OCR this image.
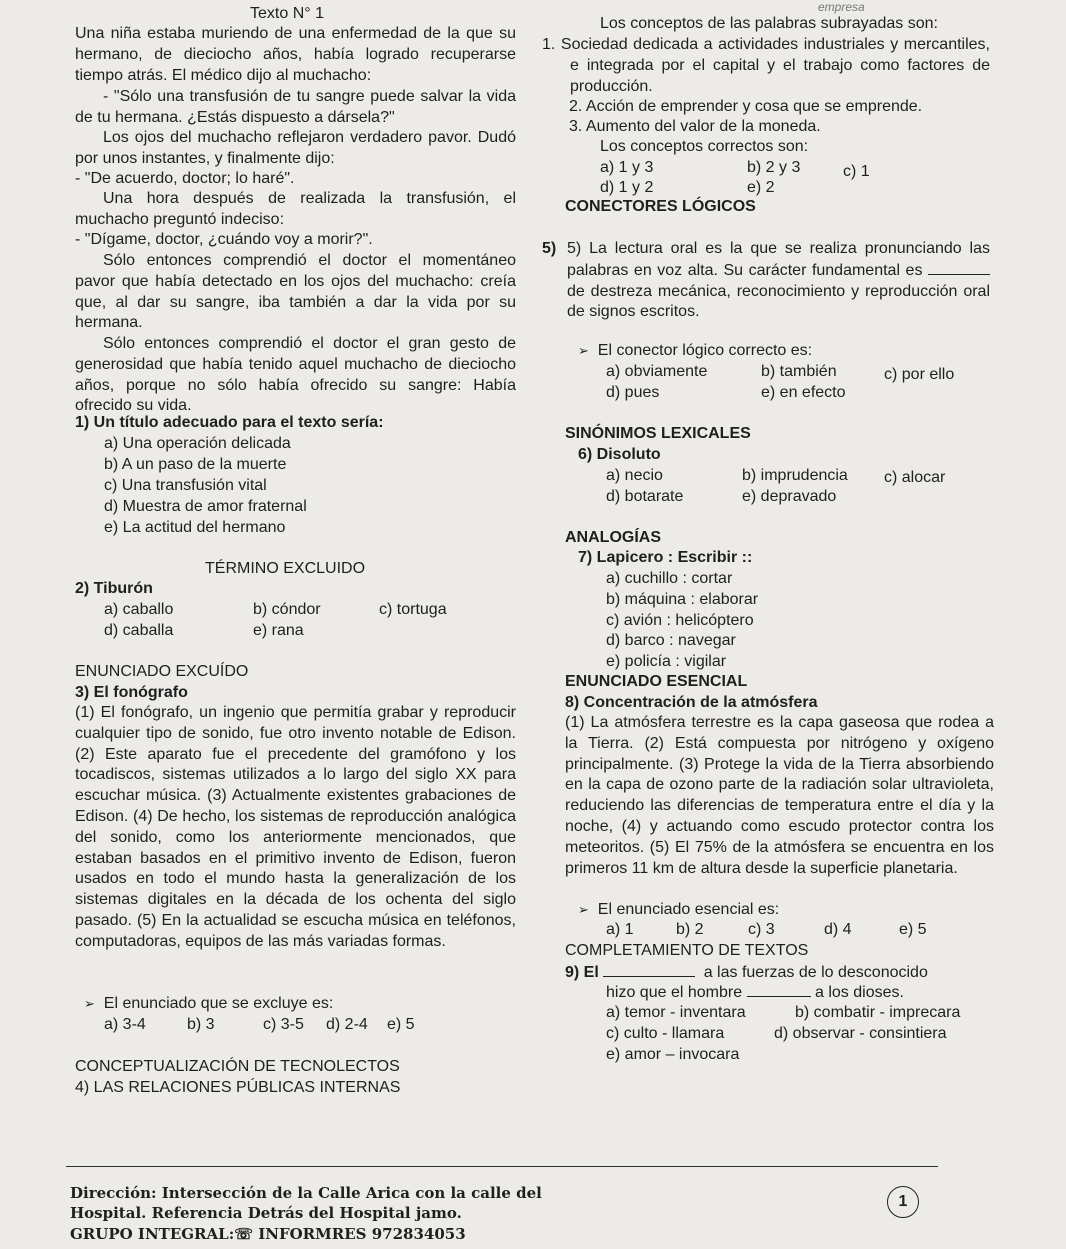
empresa
Texto N° 1
Una niña estaba muriendo de una enfermedad de la que su hermano, de dieciocho años, había logrado recuperarse tiempo atrás. El médico dijo al muchacho:
- "Sólo una transfusión de tu sangre puede salvar la vida de tu hermana. ¿Estás dispuesto a dársela?"
Los ojos del muchacho reflejaron verdadero pavor. Dudó por unos instantes, y finalmente dijo:
- "De acuerdo, doctor; lo haré".
Una hora después de realizada la transfusión, el muchacho preguntó indeciso:
- "Dígame, doctor, ¿cuándo voy a morir?".
Sólo entonces comprendió el doctor el momentáneo pavor que había detectado en los ojos del muchacho: creía que, al dar su sangre, iba también a dar la vida por su hermana.
Sólo entonces comprendió el doctor el gran gesto de generosidad que había tenido aquel muchacho de dieciocho años, porque no sólo había ofrecido su sangre: Había ofrecido su vida.
1) Un título adecuado para el texto sería:
a) Una operación delicada
b) A un paso de la muerte
c) Una transfusión vital
d) Muestra de amor fraternal
e) La actitud del hermano
TÉRMINO EXCLUIDO
2) Tiburón
a) caballo	b) cóndor	c) tortuga
d) caballa	e) rana
ENUNCIADO EXCUÍDO
3) El fonógrafo
(1) El fonógrafo, un ingenio que permitía grabar y reproducir cualquier tipo de sonido, fue otro invento notable de Edison. (2) Este aparato fue el precedente del gramófono y los tocadiscos, sistemas utilizados a lo largo del siglo XX para escuchar música. (3) Actualmente existentes grabaciones de Edison. (4) De hecho, los sistemas de reproducción analógica del sonido, como los anteriormente mencionados, que estaban basados en el primitivo invento de Edison, fueron usados en todo el mundo hasta la generalización de los sistemas digitales en la década de los ochenta del siglo pasado. (5) En la actualidad se escucha música en teléfonos, computadoras, equipos de las más variadas formas.
➢ El enunciado que se excluye es:
a) 3-4	b) 3	c) 3-5 d) 2-4 e) 5
CONCEPTUALIZACIÓN DE TECNOLECTOS
4) LAS RELACIONES PÚBLICAS INTERNAS
Los conceptos de las palabras subrayadas son:
1. Sociedad dedicada a actividades industriales y mercantiles, e integrada por el capital y el trabajo como factores de producción.
2. Acción de emprender y cosa que se emprende.
3. Aumento del valor de la moneda.
Los conceptos correctos son:
a) 1 y 3	b) 2 y 3	c) 1
d) 1 y 2	e) 2
CONECTORES LÓGICOS
5) 5) La lectura oral es la que se realiza pronunciando las palabras en voz alta. Su carácter fundamental es  de destreza mecánica, reconocimiento y reproducción oral de signos escritos.
➢ El conector lógico correcto es:
a) obviamente	b) también	c) por ello
d) pues	e) en efecto
SINÓNIMOS LEXICALES
6) Disoluto
a) necio	b) imprudencia c) alocar
d) botarate	e) depravado
ANALOGÍAS
7) Lapicero : Escribir ::
a) cuchillo : cortar
b) máquina : elaborar
c) avión : helicóptero
d) barco : navegar
e) policía : vigilar
ENUNCIADO ESENCIAL
8) Concentración de la atmósfera
(1) La atmósfera terrestre es la capa gaseosa que rodea a la Tierra. (2) Está compuesta por nitrógeno y oxígeno principalmente. (3) Protege la vida de la Tierra absorbiendo en la capa de ozono parte de la radiación solar ultravioleta, reduciendo las diferencias de temperatura entre el día y la noche, (4) y actuando como escudo protector contra los meteoritos. (5) El 75% de la atmósfera se encuentra en los primeros 11 km de altura desde la superficie planetaria.
➢ El enunciado esencial es:
a) 1	b) 2	c) 3	d) 4	e) 5
COMPLETAMIENTO DE TEXTOS
9) El	a las fuerzas de lo desconocido
hizo que el hombre	a los dioses.
a) temor - inventara	b) combatir - imprecara
c) culto - llamara	d) observar - consintiera
e) amor – invocara
Dirección: Intersección de la Calle Arica con la calle del
Hospital. Referencia Detrás del Hospital jamo.
GRUPO INTEGRAL:☏ INFORMRES 972834053
1
